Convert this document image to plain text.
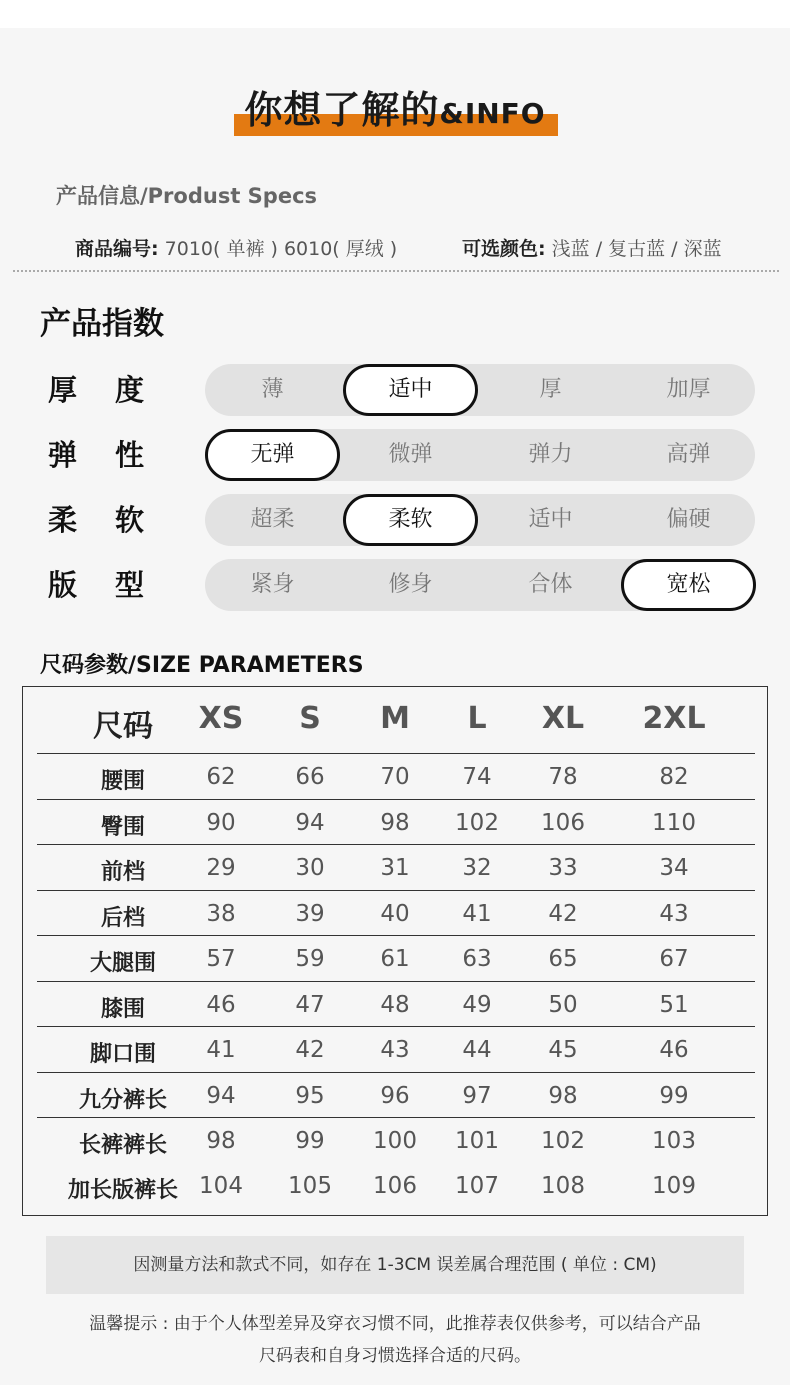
你想了解的&INFO
产品信息/Produst Specs
商品编号: 7010( 单裤 ) 6010( 厚绒 )	可选颜色: 浅蓝 / 复古蓝 / 深蓝
产品指数
厚度	薄	适中	厚	加厚
弹性	无弹	微弹	弹力	高弹
柔软	超柔	柔软	适中	偏硬
版型	紧身	修身	合体	宽松
尺码参数/SIZE PARAMETERS
尺码	XS	S	M	L	XL	2XL
腰围	62	66	70	74	78	82
臀围	90	94	98	102	106	110
前档	29	30	31	32	33	34
后档	38	39	40	41	42	43
大腿围	57	59	61	63	65	67
膝围	46	47	48	49	50	51
脚口围	41	42	43	44	45	46
九分裤长	94	95	96	97	98	99
长裤裤长	98	99	100	101	102	103
加长版裤长 104	105	106	107	108	109
因测量方法和款式不同，如存在 1-3CM 误差属合理范围 ( 单位 : CM)
温馨提示 : 由于个人体型差异及穿衣习惯不同，此推荐表仅供参考，可以结合产品
尺码表和自身习惯选择合适的尺码。
